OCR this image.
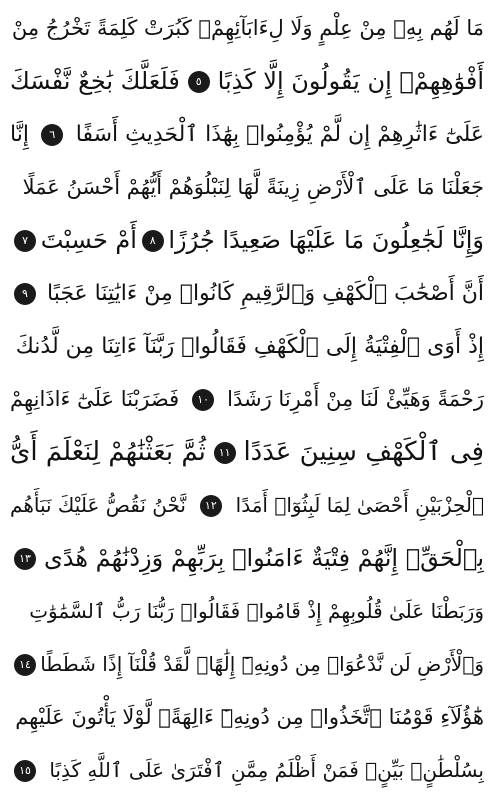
مَا لَهُم بِهِۦ مِنْ عِلْمٍ وَلَا لِءَابَآئِهِمْۚ كَبُرَتْ كَلِمَةً تَخْرُجُ مِنْ
أَفْوَٰهِهِمْۚ إِن يَقُولُونَ إِلَّا كَذِبًا
٥
فَلَعَلَّكَ بَٰخِعٌ نَّفْسَكَ
عَلَىٰٓ ءَاثَٰرِهِمْ إِن لَّمْ يُؤْمِنُوا۟ بِهَٰذَا ٱلْحَدِيثِ أَسَفًا
٦
إِنَّا
جَعَلْنَا مَا عَلَى ٱلْأَرْضِ زِينَةً لَّهَا لِنَبْلُوَهُمْ أَيُّهُمْ أَحْسَنُ عَمَلًا
وَإِنَّا لَجَٰعِلُونَ مَا عَلَيْهَا صَعِيدًا جُرُزًا
٨
أَمْ حَسِبْتَ
٧
أَنَّ أَصْحَٰبَ ٱلْكَهْفِ وَٱلرَّقِيمِ كَانُوا۟ مِنْ ءَايَٰتِنَا عَجَبًا
٩
إِذْ أَوَى ٱلْفِتْيَةُ إِلَى ٱلْكَهْفِ فَقَالُوا۟ رَبَّنَآ ءَاتِنَا مِن لَّدُنكَ
رَحْمَةً وَهَيِّئْ لَنَا مِنْ أَمْرِنَا رَشَدًا
١٠
فَضَرَبْنَا عَلَىٰٓ ءَاذَانِهِمْ
فِى ٱلْكَهْفِ سِنِينَ عَدَدًا
١١
ثُمَّ بَعَثْنَٰهُمْ لِنَعْلَمَ أَىُّ
ٱلْحِزْبَيْنِ أَحْصَىٰ لِمَا لَبِثُوٓا۟ أَمَدًا
١٢
نَّحْنُ نَقُصُّ عَلَيْكَ نَبَأَهُم
بِٱلْحَقِّۚ إِنَّهُمْ فِتْيَةٌ ءَامَنُوا۟ بِرَبِّهِمْ وَزِدْنَٰهُمْ هُدًى
١٣
وَرَبَطْنَا عَلَىٰ قُلُوبِهِمْ إِذْ قَامُوا۟ فَقَالُوا۟ رَبُّنَا رَبُّ ٱلسَّمَٰوَٰتِ
وَٱلْأَرْضِ لَن نَّدْعُوَا۟ مِن دُونِهِۦٓ إِلَٰهًاۖ لَّقَدْ قُلْنَآ إِذًا شَطَطًا
١٤
هَٰٓؤُلَآءِ قَوْمُنَا ٱتَّخَذُوا۟ مِن دُونِهِۦٓ ءَالِهَةًۖ لَّوْلَا يَأْتُونَ عَلَيْهِم
بِسُلْطَٰنٍۭ بَيِّنٍۖ فَمَنْ أَظْلَمُ مِمَّنِ ٱفْتَرَىٰ عَلَى ٱللَّهِ كَذِبًا
١٥
